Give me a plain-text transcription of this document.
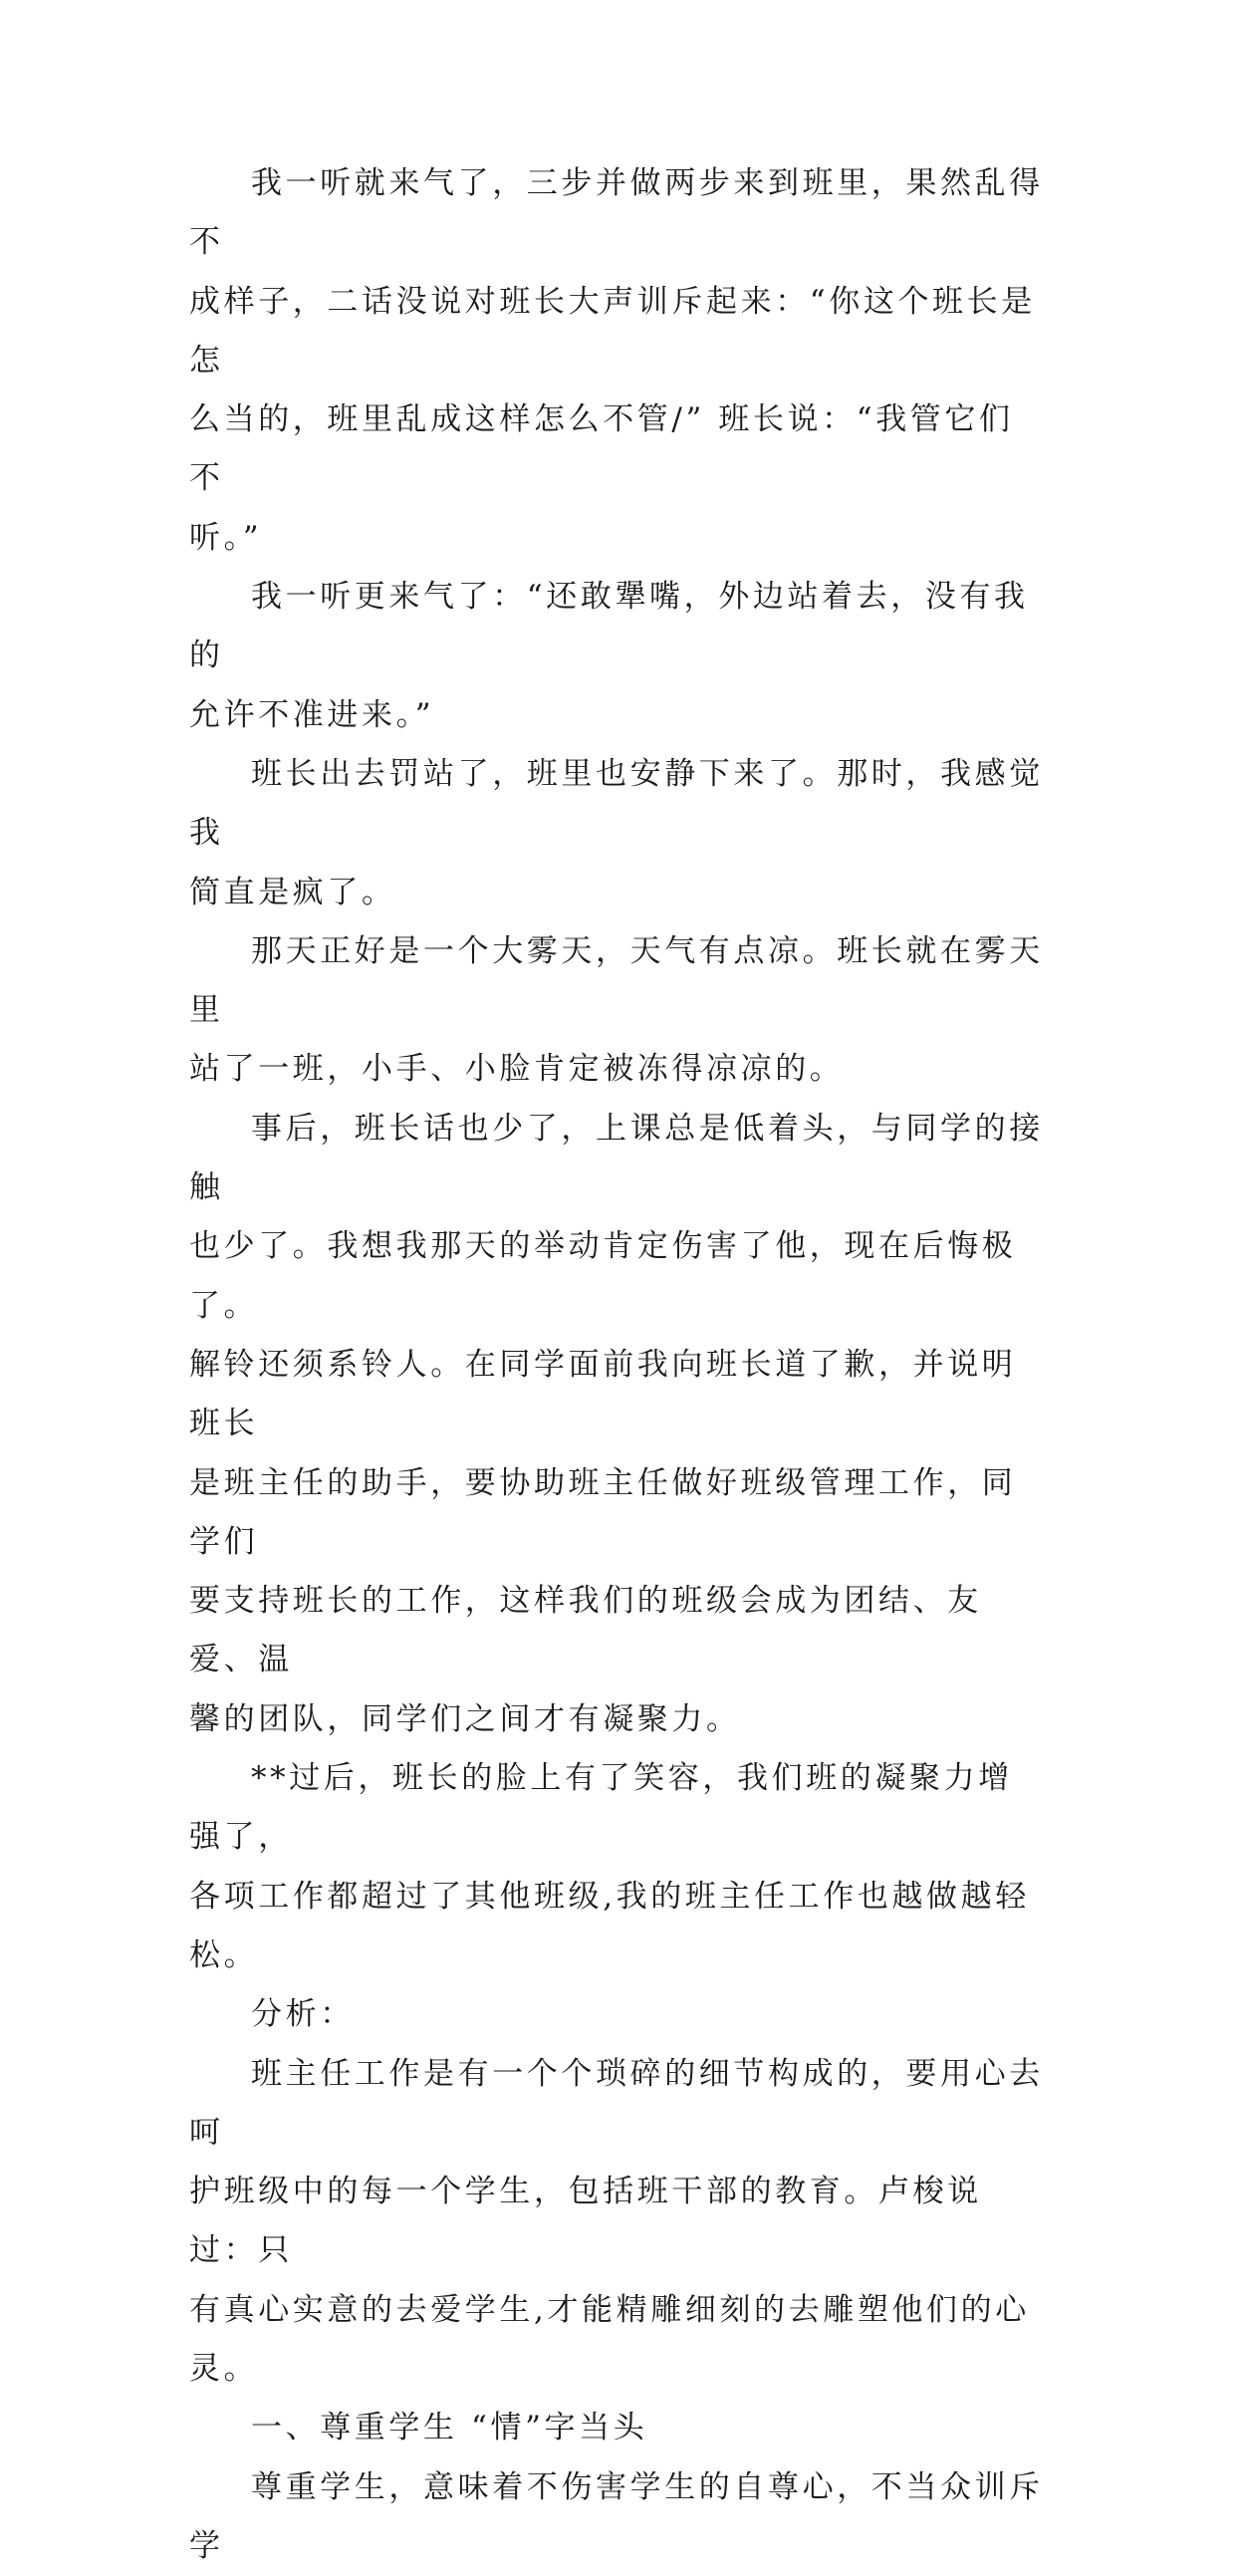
我一听就来气了，三步并做两步来到班里，果然乱得不
成样子，二话没说对班长大声训斥起来：“你这个班长是怎
么当的，班里乱成这样怎么不管/” 班长说：“我管它们不
听。”

我一听更来气了：“还敢犟嘴，外边站着去，没有我的
允许不准进来。”

班长出去罚站了，班里也安静下来了。那时，我感觉我
简直是疯了。

那天正好是一个大雾天，天气有点凉。班长就在雾天里
站了一班，小手、小脸肯定被冻得凉凉的。

事后，班长话也少了，上课总是低着头，与同学的接触
也少了。我想我那天的举动肯定伤害了他，现在后悔极了。
解铃还须系铃人。在同学面前我向班长道了歉，并说明班长
是班主任的助手，要协助班主任做好班级管理工作，同学们
要支持班长的工作，这样我们的班级会成为团结、友爱、温
馨的团队，同学们之间才有凝聚力。

**过后，班长的脸上有了笑容，我们班的凝聚力增强了，
各项工作都超过了其他班级,我的班主任工作也越做越轻松。

分析：

班主任工作是有一个个琐碎的细节构成的，要用心去呵
护班级中的每一个学生，包括班干部的教育。卢梭说过：只
有真心实意的去爱学生,才能精雕细刻的去雕塑他们的心灵。

一、尊重学生 “情”字当头

尊重学生，意味着不伤害学生的自尊心，不当众训斥学
